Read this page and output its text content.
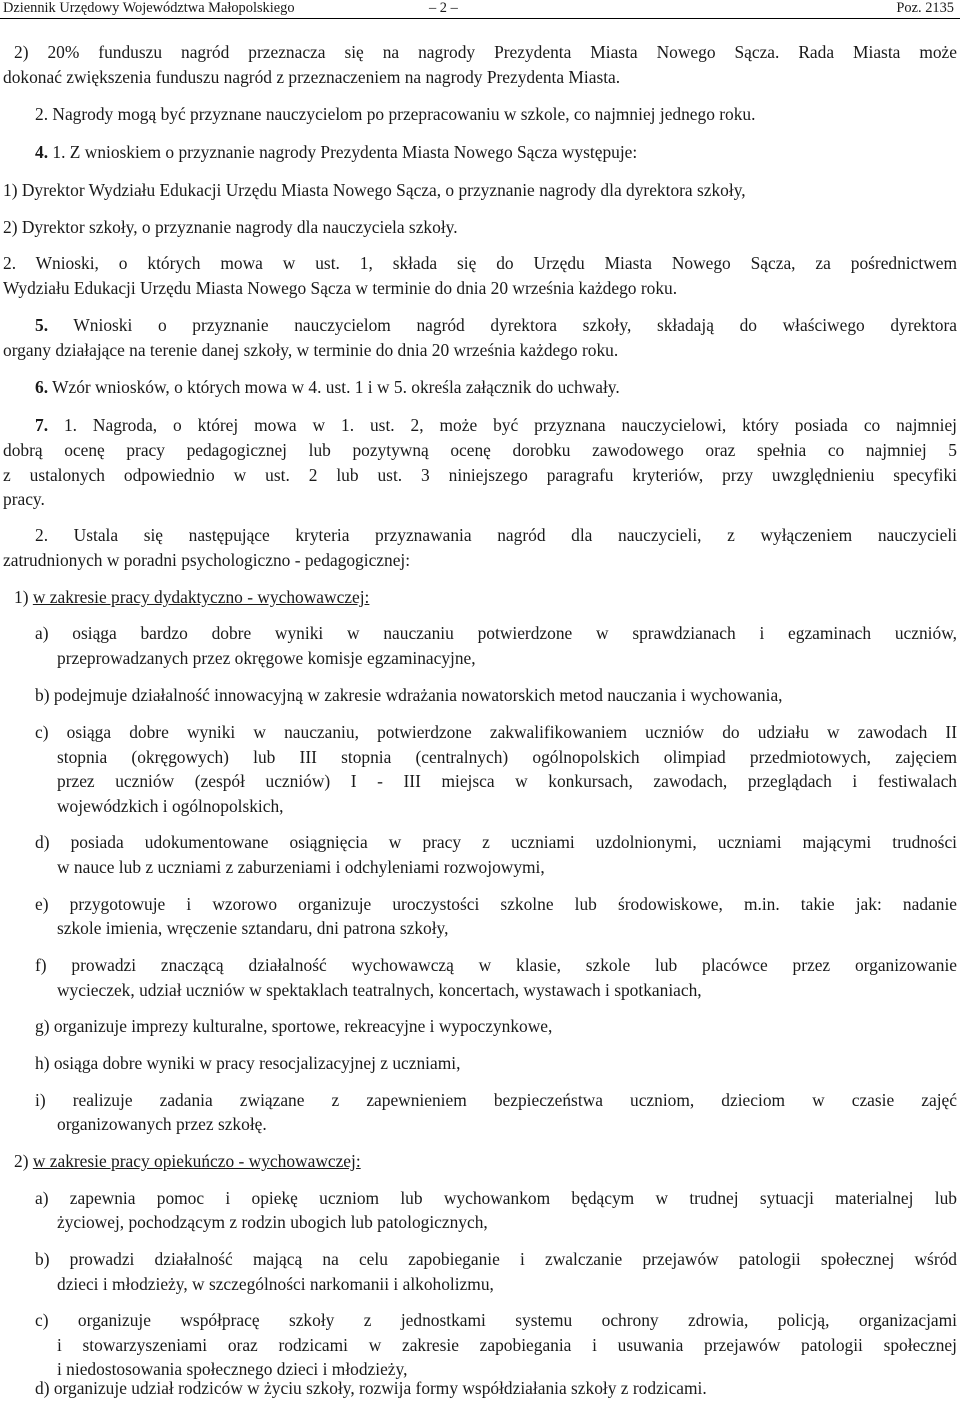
Dziennik Urzędowy Województwa Małopolskiego	– 2 –	Poz. 2135
2) 20% funduszu nagród przeznacza się na nagrody Prezydenta Miasta Nowego Sącza. Rada Miasta może
dokonać zwiększenia funduszu nagród z przeznaczeniem na nagrody Prezydenta Miasta.
2. Nagrody mogą być przyznane nauczycielom po przepracowaniu w szkole, co najmniej jednego roku.
4. 1. Z wnioskiem o przyznanie nagrody Prezydenta Miasta Nowego Sącza występuje:
1) Dyrektor Wydziału Edukacji Urzędu Miasta Nowego Sącza, o przyznanie nagrody dla dyrektora szkoły,
2) Dyrektor szkoły, o przyznanie nagrody dla nauczyciela szkoły.
2. Wnioski, o których mowa w ust. 1, składa się do Urzędu Miasta Nowego Sącza, za pośrednictwem
Wydziału Edukacji Urzędu Miasta Nowego Sącza w terminie do dnia 20 września każdego roku.
5. Wnioski o przyznanie nauczycielom nagród dyrektora szkoły, składają do właściwego dyrektora
organy działające na terenie danej szkoły, w terminie do dnia 20 września każdego roku.
6. Wzór wniosków, o których mowa w 4. ust. 1 i w 5. określa załącznik do uchwały.
7. 1. Nagroda, o której mowa w 1. ust. 2, może być przyznana nauczycielowi, który posiada co najmniej
dobrą ocenę pracy pedagogicznej lub pozytywną ocenę dorobku zawodowego oraz spełnia co najmniej 5
z ustalonych odpowiednio w ust. 2 lub ust. 3 niniejszego paragrafu kryteriów, przy uwzględnieniu specyfiki
pracy.
2. Ustala się następujące kryteria przyznawania nagród dla nauczycieli, z wyłączeniem nauczycieli
zatrudnionych w poradni psychologiczno - pedagogicznej:
1) w zakresie pracy dydaktyczno - wychowawczej:
a) osiąga bardzo dobre wyniki w nauczaniu potwierdzone w sprawdzianach i egzaminach uczniów,
przeprowadzanych przez okręgowe komisje egzaminacyjne,
b) podejmuje działalność innowacyjną w zakresie wdrażania nowatorskich metod nauczania i wychowania,
c) osiąga dobre wyniki w nauczaniu, potwierdzone zakwalifikowaniem uczniów do udziału w zawodach II
stopnia (okręgowych) lub III stopnia (centralnych) ogólnopolskich olimpiad przedmiotowych, zajęciem
przez uczniów (zespół uczniów) I - III miejsca w konkursach, zawodach, przeglądach i festiwalach
wojewódzkich i ogólnopolskich,
d) posiada udokumentowane osiągnięcia w pracy z uczniami uzdolnionymi, uczniami mającymi trudności
w nauce lub z uczniami z zaburzeniami i odchyleniami rozwojowymi,
e) przygotowuje i wzorowo organizuje uroczystości szkolne lub środowiskowe, m.in. takie jak: nadanie
szkole imienia, wręczenie sztandaru, dni patrona szkoły,
f) prowadzi znaczącą działalność wychowawczą w klasie, szkole lub placówce przez organizowanie
wycieczek, udział uczniów w spektaklach teatralnych, koncertach, wystawach i spotkaniach,
g) organizuje imprezy kulturalne, sportowe, rekreacyjne i wypoczynkowe,
h) osiąga dobre wyniki w pracy resocjalizacyjnej z uczniami,
i) realizuje zadania związane z zapewnieniem bezpieczeństwa uczniom, dzieciom w czasie zajęć
organizowanych przez szkołę.
2) w zakresie pracy opiekuńczo - wychowawczej:
a) zapewnia pomoc i opiekę uczniom lub wychowankom będącym w trudnej sytuacji materialnej lub
życiowej, pochodzącym z rodzin ubogich lub patologicznych,
b) prowadzi działalność mającą na celu zapobieganie i zwalczanie przejawów patologii społecznej wśród
dzieci i młodzieży, w szczególności narkomanii i alkoholizmu,
c) organizuje współpracę szkoły z jednostkami systemu ochrony zdrowia, policją, organizacjami
i stowarzyszeniami oraz rodzicami w zakresie zapobiegania i usuwania przejawów patologii społecznej
i niedostosowania społecznego dzieci i młodzieży,
d) organizuje udział rodziców w życiu szkoły, rozwija formy współdziałania szkoły z rodzicami.
